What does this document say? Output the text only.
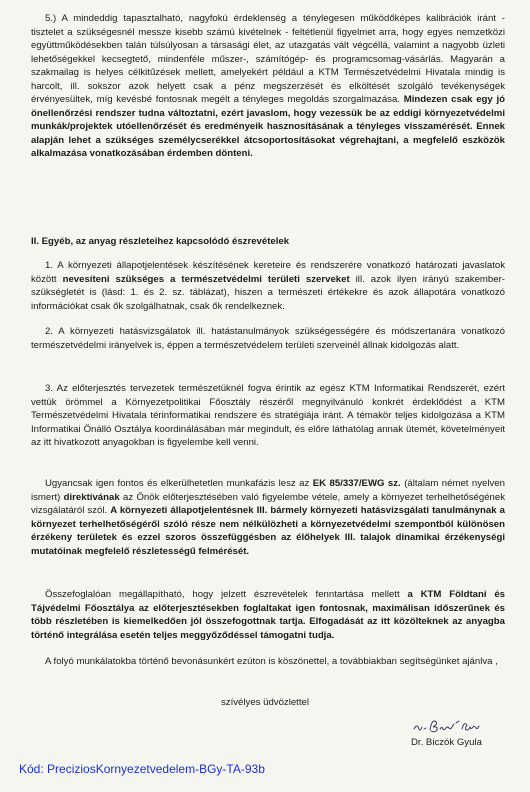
5.) A mindeddig tapasztalható, nagyfokú érdeklenség a ténylegesen működőképes kalibrációk iránt - tisztelet a szükségesnél messze kisebb számú kivételnek - feltétlenül figyelmet arra, hogy egyes nemzetközi együttműködésekben talán túlsúlyosan a társasági élet, az utazgatás vált végcéllá, valamint a nagyobb üzleti lehetőségekkel kecsegtető, mindenféle műszer-, számítógép- és programcsomag-vásárlás. Magyarán a szakmailag is helyes célkitűzések mellett, amelyekért például a KTM Természetvédelmi Hivatala mindig is harcolt, ill. sokszor azok helyett csak a pénz megszerzését és elköltését szolgáló tevékenységek érvényesültek, míg kevésbé fontosnak megélt a tényleges megoldás szorgalmazása. Mindezen csak egy jó önellenőrzési rendszer tudna változtatni, ezért javaslom, hogy vezessük be az eddigi környezetvédelmi munkák/projektek utóellenőrzését és eredményeik hasznosításának a tényleges visszamérését. Ennek alapján lehet a szükséges személycserékkel átcsoportosításokat végrehajtani, a megfelelő eszközök alkalmazása vonatkozásában érdemben dönteni.

II. Egyéb, az anyag részleteihez kapcsolódó észrevételek

1. A környezeti állapotjelentések készítésének kereteire és rendszerére vonatkozó határozati javaslatok között nevesíteni szükséges a természetvédelmi területi szerveket ill. azok ilyen irányú szakember-szükségletét is (lásd: 1. és 2. sz. táblázat), hiszen a természeti értékekre és azok állapotára vonatkozó információkat csak ők szolgálhatnak, csak ők rendelkeznek.

2. A környezeti hatásvizsgálatok ill. hatástanulmányok szükségességére és módszertanára vonatkozó természetvédelmi irányelvek is, éppen a természetvédelem területi szerveinél állnak kidolgozás alatt.

3. Az előterjesztés tervezetek természetüknél fogva érintik az egész KTM Informatikai Rendszerét, ezért vettük örömmel a Környezetpolitikai Főosztály részéről megnyilvánuló konkrét érdeklődést a KTM Természetvédelmi Hivatala térinformatikai rendszere és stratégiája iránt. A témakör teljes kidolgozása a KTM Informatikai Önálló Osztálya koordinálásában már megindult, és előre láthatólag annak ütemét, követelményeit az itt hivatkozott anyagokban is figyelembe kell venni.

Ugyancsak igen fontos és elkerülhetetlen munkafázis lesz az EK 85/337/EWG sz. (általam német nyelven ismert) direktívának az Önök előterjesztésében való figyelembe vétele, amely a környezet terhelhetőségének vizsgálatáról szól. A környezeti állapotjelentésnek III. bármely környezeti hatásvizsgálati tanulmánynak a környezet terhelhetőségéről szóló része nem nélkülözheti a környezetvédelmi szempontból különösen érzékeny területek és ezzel szoros összefüggésben az élőhelyek III. talajok dinamikai érzékenységi mutatóinak megfelelő részletességű felmérését.

Összefoglalóan megállapítható, hogy jelzett észrevételek fenntartása mellett a KTM Földtani és Tájvédelmi Főosztálya az előterjesztésekben foglaltakat igen fontosnak, maximálisan időszerűnek és több részletében is kiemelkedően jól összefogottnak tartja. Elfogadását az itt közölteknek az anyagba történő integrálása esetén teljes meggyőződéssel támogatni tudja.

A folyó munkálatokba történő bevonásunkért ezúton is köszönettel, a továbbiakban segítségünket ajánlva ,

szívélyes üdvözlettel
Dr. Biczók Gyula
Kód: PreciziosKornyezetvedelem-BGy-TA-93b
